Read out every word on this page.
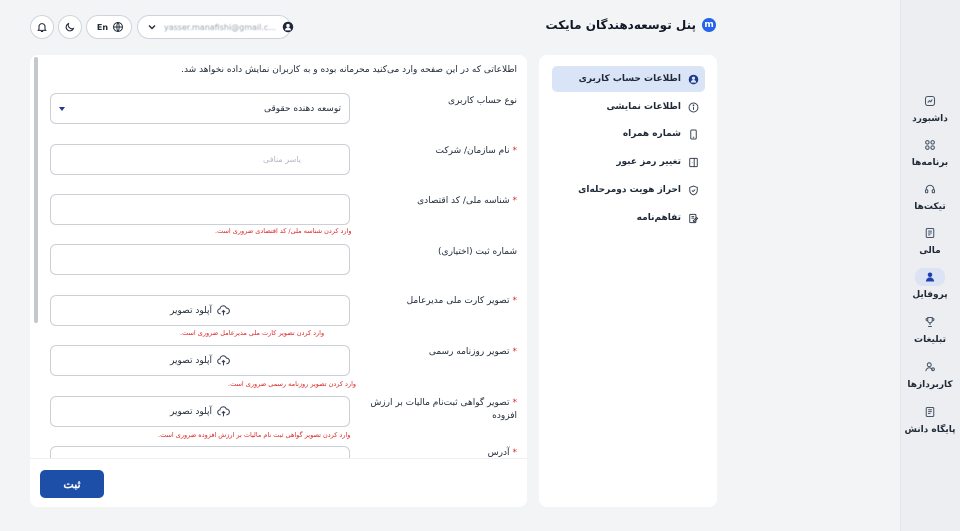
داشبورد
برنامه‌ها
تیکت‌ها
مالی
پروفایل
تبلیغات
کاربردازها
پایگاه دانش
m
پنل توسعه‌دهندگان مایکت
yasser.manafishi@gmail.c...
En
اطلاعاتی که در این صفحه وارد می‌کنید محرمانه بوده و به کاربران نمایش داده نخواهد شد.
نوع حساب کاربری
توسعه دهنده حقوقی
*نام سازمان/ شرکت
یاسر منافی
*شناسه ملی/ کد اقتصادی
وارد کردن شناسه ملی/ کد اقتصادی ضروری است.
شماره ثبت (اختیاری)
*تصویر کارت ملی مدیرعامل
آپلود تصویر
وارد کردن تصویر کارت ملی مدیرعامل ضروری است.
*تصویر روزنامه رسمی
آپلود تصویر
وارد کردن تصویر روزنامه رسمی ضروری است.
*تصویر گواهی ثبت‌نام مالیات بر ارزش افزوده
آپلود تصویر
وارد کردن تصویر گواهی ثبت نام مالیات بر ارزش افزوده ضروری است.
*آدرس
ثبت
اطلاعات حساب کاربری
اطلاعات نمایشی
شماره همراه
تغییر رمز عبور
احراز هویت دومرحله‌ای
تفاهم‌نامه
